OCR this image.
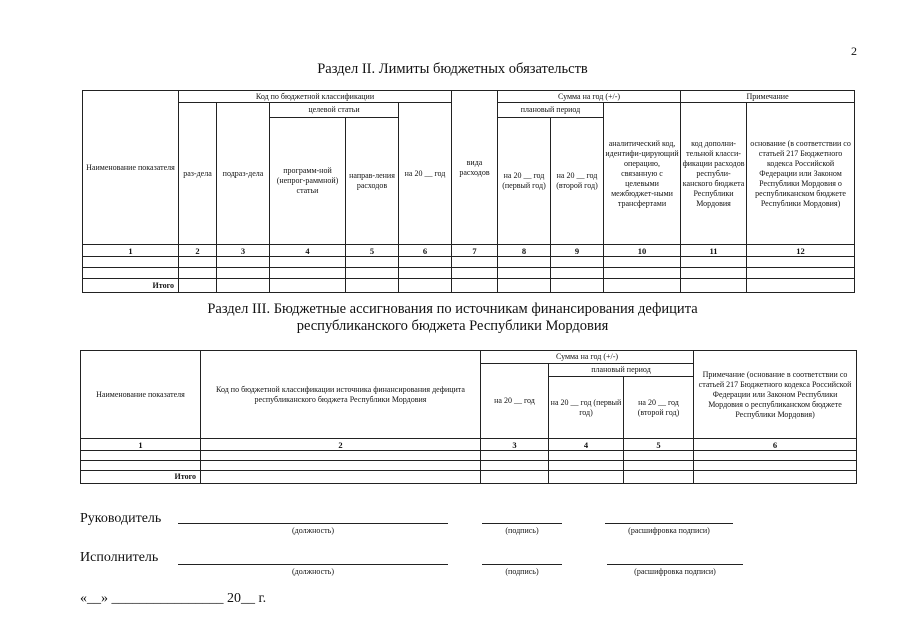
2
Раздел II. Лимиты бюджетных обязательств
Наименование показателя	Код по бюджетной классификации					вида расходов	Сумма на год (+/-)			Примечание	
	раз-дела	подраз-дела	целевой статьи		на 20 __ год		плановый период		аналитический код, идентифи-цирующий операцию, связанную с целевыми межбюджет-ными трансфертами	код дополни-тельной класси-фикации расходов республи-канского бюджета Республики Мордовия	основание (в соответствии со статьей 217 Бюджетного кодекса Российской Федерации или Законом Республики Мордовия о республиканском бюджете Республики Мордовия)
			программ-ной (непрог-раммной) статьи	направ-ления расходов			на 20 __ год (первый год)	на 20 __ год (второй год)			
1	2	3	4	5	6	7	8	9	10	11	12

Итого											
Раздел III. Бюджетные ассигнования по источникам финансирования дефицита
республиканского бюджета Республики Мордовия
Наименование показателя	Код по бюджетной классификации источника финансирования дефицита республиканского бюджета Республики Мордовия	Сумма на год (+/-)			Примечание (основание в соответствии со статьей 217 Бюджетного кодекса Российской Федерации или Законом Республики Мордовия о республиканском бюджете Республики Мордовия)
		на 20 __ год	плановый период		
			на 20 __ год (первый год)	на 20 __ год (второй год)	
1	2	3	4	5	6

Итого					
Руководитель
(должность)	(подпись)	(расшифровка подписи)
Исполнитель
(должность)	(подпись)	(расшифровка подписи)
«__» ________________ 20__ г.
